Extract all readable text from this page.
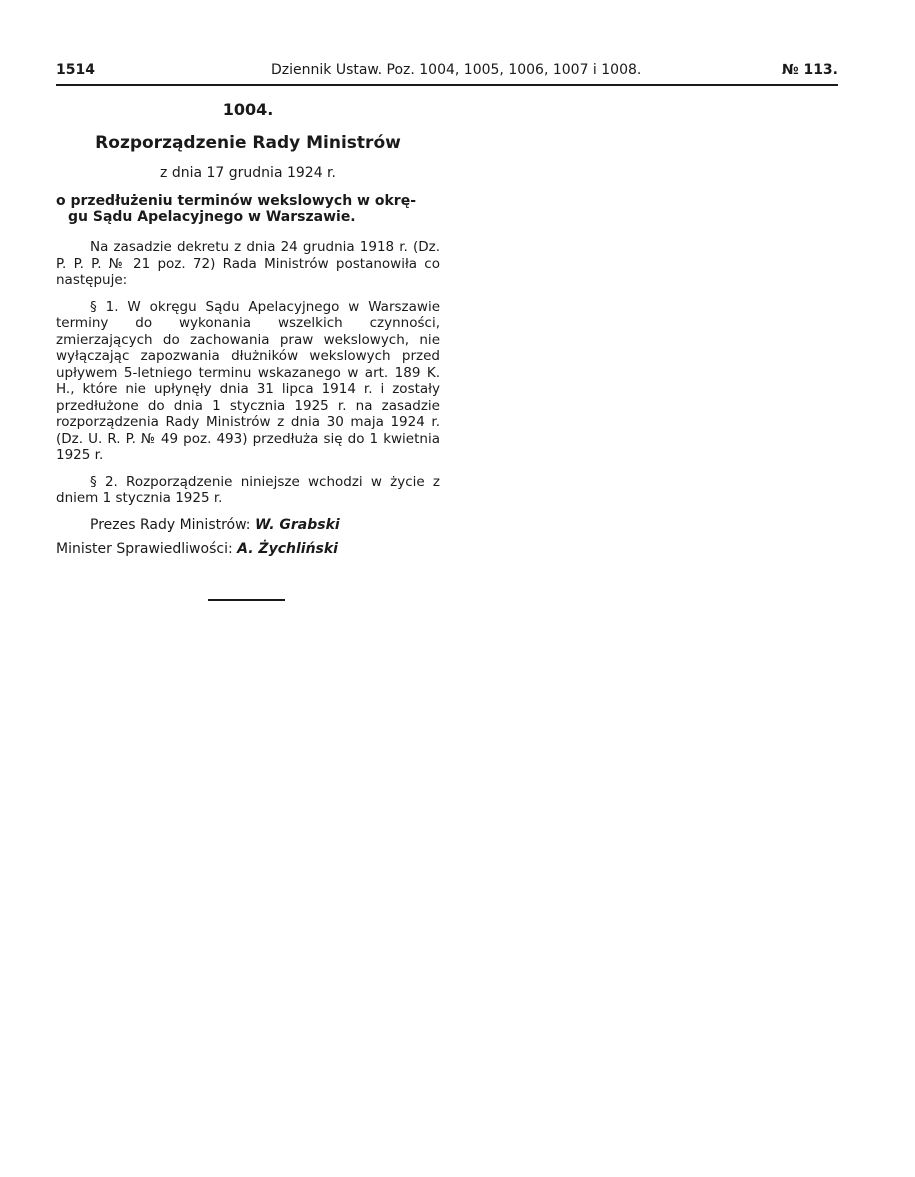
1514	Dziennik Ustaw. Poz. 1004, 1005, 1006, 1007 i 1008.	№ 113.
1004.
Rozporządzenie Rady Ministrów
z dnia 17 grudnia 1924 r.
o przedłużeniu terminów wekslowych w okrę-
gu Sądu Apelacyjnego w Warszawie.

Na zasadzie dekretu z dnia 24 grudnia 1918 r. (Dz. P. P. P. № 21 poz. 72) Rada Ministrów postanowiła co następuje:

§ 1. W okręgu Sądu Apelacyjnego w Warszawie terminy do wykonania wszelkich czynności, zmierzających do zachowania praw wekslowych, nie wyłączając zapozwania dłużników wekslowych przed upływem 5-letniego terminu wskazanego w art. 189 K. H., które nie upłynęły dnia 31 lipca 1914 r. i zostały przedłużone do dnia 1 stycznia 1925 r. na zasadzie rozporządzenia Rady Ministrów z dnia 30 maja 1924 r. (Dz. U. R. P. № 49 poz. 493) przedłuża się do 1 kwietnia 1925 r.

§ 2. Rozporządzenie niniejsze wchodzi w życie z dniem 1 stycznia 1925 r.

Prezes Rady Ministrów: W. Grabski
Minister Sprawiedliwości: A. Żychliński
